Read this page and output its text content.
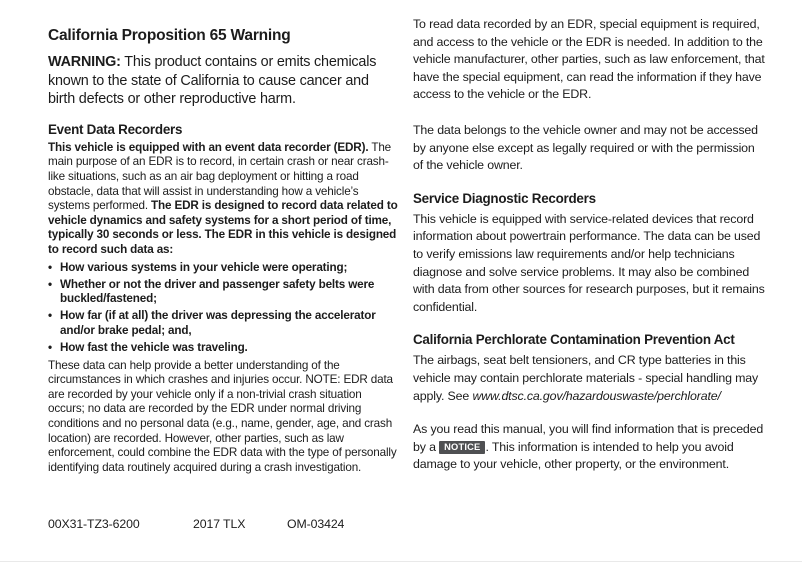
California Proposition 65 Warning

WARNING: This product contains or emits chemicals known to the state of California to cause cancer and birth defects or other reproductive harm.

Event Data Recorders

This vehicle is equipped with an event data recorder (EDR). The main purpose of an EDR is to record, in certain crash or near crash-like situations, such as an air bag deployment or hitting a road obstacle, data that will assist in understanding how a vehicle’s systems performed. The EDR is designed to record data related to vehicle dynamics and safety systems for a short period of time, typically 30 seconds or less. The EDR in this vehicle is designed to record such data as:

• How various systems in your vehicle were operating;
• Whether or not the driver and passenger safety belts were buckled/fastened;
• How far (if at all) the driver was depressing the accelerator and/or brake pedal; and,
• How fast the vehicle was traveling.

These data can help provide a better understanding of the circumstances in which crashes and injuries occur. NOTE: EDR data are recorded by your vehicle only if a non-trivial crash situation occurs; no data are recorded by the EDR under normal driving conditions and no personal data (e.g., name, gender, age, and crash location) are recorded. However, other parties, such as law enforcement, could combine the EDR data with the type of personally identifying data routinely acquired during a crash investigation.

To read data recorded by an EDR, special equipment is required, and access to the vehicle or the EDR is needed. In addition to the vehicle manufacturer, other parties, such as law enforcement, that have the special equipment, can read the information if they have access to the vehicle or the EDR.

The data belongs to the vehicle owner and may not be accessed by anyone else except as legally required or with the permission of the vehicle owner.

Service Diagnostic Recorders

This vehicle is equipped with service-related devices that record information about powertrain performance. The data can be used to verify emissions law requirements and/or help technicians diagnose and solve service problems. It may also be combined with data from other sources for research purposes, but it remains confidential.

California Perchlorate Contamination Prevention Act

The airbags, seat belt tensioners, and CR type batteries in this vehicle may contain perchlorate materials - special handling may apply. See www.dtsc.ca.gov/hazardouswaste/perchlorate/

As you read this manual, you will find information that is preceded by a NOTICE . This information is intended to help you avoid damage to your vehicle, other property, or the environment.

00X31-TZ3-6200	2017 TLX	OM-03424
